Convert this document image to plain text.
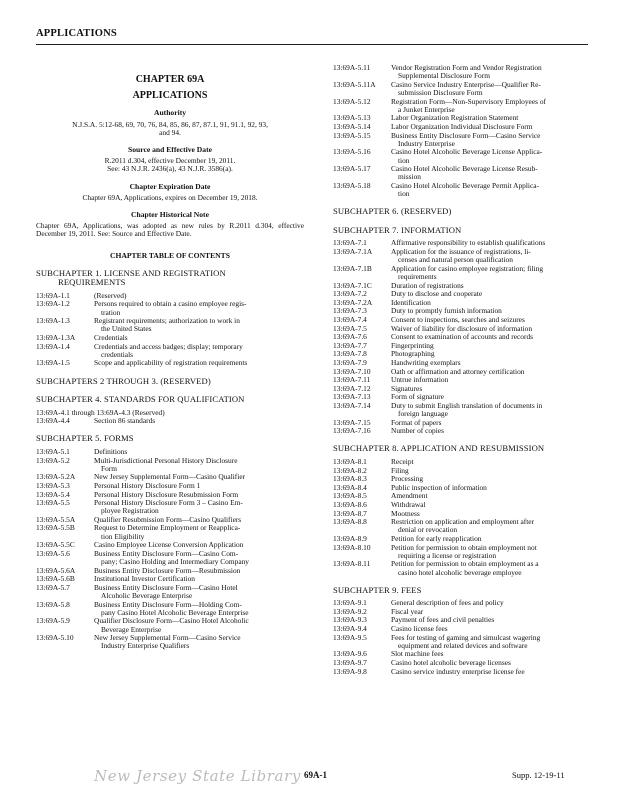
APPLICATIONS
CHAPTER 69A
APPLICATIONS
Authority
N.J.S.A. 5:12-68, 69, 70, 76, 84, 85, 86, 87, 87.1, 91, 91.1, 92, 93, and 94.
Source and Effective Date
R.2011 d.304, effective December 19, 2011.
See: 43 N.J.R. 2436(a), 43 N.J.R. 3586(a).
Chapter Expiration Date
Chapter 69A, Applications, expires on December 19, 2018.
Chapter Historical Note
Chapter 69A, Applications, was adopted as new rules by R.2011 d.304, effective December 19, 2011. See: Source and Effective Date.
CHAPTER TABLE OF CONTENTS
SUBCHAPTER 1. LICENSE AND REGISTRATION
REQUIREMENTS
13:69A-1.1	(Reserved)
13:69A-1.2	Persons required to obtain a casino employee regis-
tration
13:69A-1.3	Registrant requirements; authorization to work in
the United States
13:69A-1.3A	Credentials
13:69A-1.4	Credentials and access badges; display; temporary
credentials
13:69A-1.5	Scope and applicability of registration requirements
SUBCHAPTERS 2 THROUGH 3. (RESERVED)
SUBCHAPTER 4. STANDARDS FOR QUALIFICATION
13:69A-4.1 through 13:69A-4.3 (Reserved)
13:69A-4.4	Section 86 standards
SUBCHAPTER 5. FORMS
13:69A-5.1	Definitions
13:69A-5.2	Multi-Jurisdictional Personal History Disclosure
Form
13:69A-5.2A	New Jersey Supplemental Form—Casino Qualifier
13:69A-5.3	Personal History Disclosure Form 1
13:69A-5.4	Personal History Disclosure Resubmission Form
13:69A-5.5	Personal History Disclosure Form 3 – Casino Em-
ployee Registration
13:69A-5.5A	Qualifier Resubmission Form—Casino Qualifiers
13:69A-5.5B	Request to Determine Employment or Reapplica-
tion Eligibility
13:69A-5.5C	Casino Employee License Conversion Application
13:69A-5.6	Business Entity Disclosure Form—Casino Com-
pany; Casino Holding and Intermediary Company
13:69A-5.6A	Business Entity Disclosure Form—Resubmission
13:69A-5.6B	Institutional Investor Certification
13:69A-5.7	Business Entity Disclosure Form—Casino Hotel
Alcoholic Beverage Enterprise
13:69A-5.8	Business Entity Disclosure Form—Holding Com-
pany Casino Hotel Alcoholic Beverage Enterprise
13:69A-5.9	Qualifier Disclosure Form—Casino Hotel Alcoholic
Beverage Enterprise
13:69A-5.10	New Jersey Supplemental Form—Casino Service
Industry Enterprise Qualifiers
13:69A-5.11	Vendor Registration Form and Vendor Registration
Supplemental Disclosure Form
13:69A-5.11A	Casino Service Industry Enterprise—Qualifier Re-
submission Disclosure Form
13:69A-5.12	Registration Form—Non-Supervisory Employees of
a Junket Enterprise
13:69A-5.13	Labor Organization Registration Statement
13:69A-5.14	Labor Organization Individual Disclosure Form
13:69A-5.15	Business Entity Disclosure Form—Casino Service
Industry Enterprise
13:69A-5.16	Casino Hotel Alcoholic Beverage License Applica-
tion
13:69A-5.17	Casino Hotel Alcoholic Beverage License Resub-
mission
13:69A-5.18	Casino Hotel Alcoholic Beverage Permit Applica-
tion
SUBCHAPTER 6. (RESERVED)
SUBCHAPTER 7. INFORMATION
13:69A-7.1	Affirmative responsibility to establish qualifications
13:69A-7.1A	Application for the issuance of registrations, li-
censes and natural person qualification
13:69A-7.1B	Application for casino employee registration; filing
requirements
13:69A-7.1C	Duration of registrations
13:69A-7.2	Duty to disclose and cooperate
13:69A-7.2A	Identification
13:69A-7.3	Duty to promptly furnish information
13:69A-7.4	Consent to inspections, searches and seizures
13:69A-7.5	Waiver of liability for disclosure of information
13:69A-7.6	Consent to examination of accounts and records
13:69A-7.7	Fingerprinting
13:69A-7.8	Photographing
13:69A-7.9	Handwriting exemplars
13:69A-7.10	Oath or affirmation and attorney certification
13:69A-7.11	Untrue information
13:69A-7.12	Signatures
13:69A-7.13	Form of signature
13:69A-7.14	Duty to submit English translation of documents in
foreign language
13:69A-7.15	Format of papers
13:69A-7.16	Number of copies
SUBCHAPTER 8. APPLICATION AND RESUBMISSION
13:69A-8.1	Receipt
13:69A-8.2	Filing
13:69A-8.3	Processing
13:69A-8.4	Public inspection of information
13:69A-8.5	Amendment
13:69A-8.6	Withdrawal
13:69A-8.7	Mootness
13:69A-8.8	Restriction on application and employment after
denial or revocation
13:69A-8.9	Petition for early reapplication
13:69A-8.10	Petition for permission to obtain employment not
requiring a license or registration
13:69A-8.11	Petition for permission to obtain employment as a
casino hotel alcoholic beverage employee
SUBCHAPTER 9. FEES
13:69A-9.1	General description of fees and policy
13:69A-9.2	Fiscal year
13:69A-9.3	Payment of fees and civil penalties
13:69A-9.4	Casino license fees
13:69A-9.5	Fees for testing of gaming and simulcast wagering
equipment and related devices and software
13:69A-9.6	Slot machine fees
13:69A-9.7	Casino hotel alcoholic beverage licenses
13:69A-9.8	Casino service industry enterprise license fee
New Jersey State Library 69A-1	Supp. 12-19-11
